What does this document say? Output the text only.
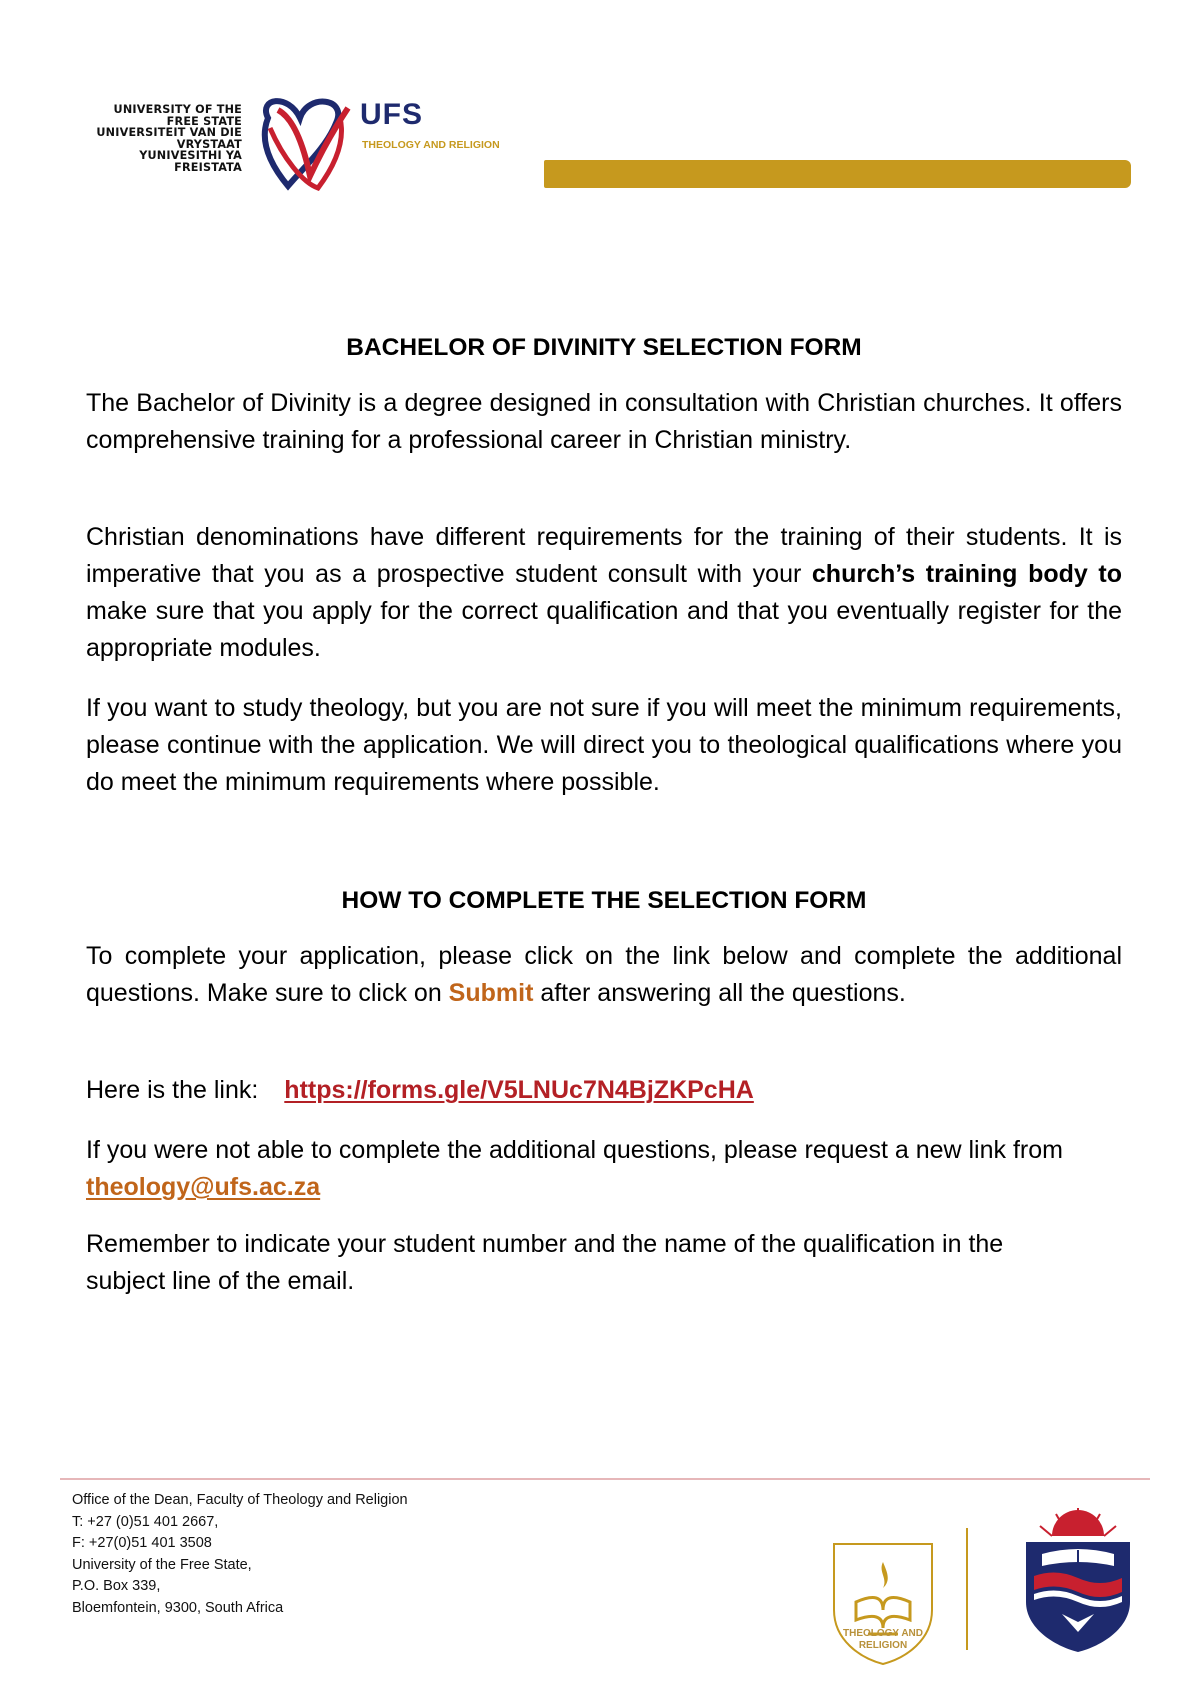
UNIVERSITY OF THE
FREE STATE
UNIVERSITEIT VAN DIE
VRYSTAAT
YUNIVESITHI YA
FREISTATA
UFS
THEOLOGY AND RELIGION
BACHELOR OF DIVINITY SELECTION FORM
The Bachelor of Divinity is a degree designed in consultation with Christian churches. It offers comprehensive training for a professional career in Christian ministry.
Christian denominations have different requirements for the training of their students. It is imperative that you as a prospective student consult with your church’s training body to make sure that you apply for the correct qualification and that you eventually register for the appropriate modules.
If you want to study theology, but you are not sure if you will meet the minimum requirements, please continue with the application. We will direct you to theological qualifications where you do meet the minimum requirements where possible.
HOW TO COMPLETE THE SELECTION FORM
To complete your application, please click on the link below and complete the additional questions. Make sure to click on Submit after answering all the questions.
Here is the link: https://forms.gle/V5LNUc7N4BjZKPcHA
If you were not able to complete the additional questions, please request a new link from theology@ufs.ac.za
Remember to indicate your student number and the name of the qualification in the subject line of the email.
Office of the Dean, Faculty of Theology and Religion
T: +27 (0)51 401 2667,
F: +27(0)51 401 3508
University of the Free State,
P.O. Box 339,
Bloemfontein, 9300, South Africa
THEOLOGY AND
RELIGION
